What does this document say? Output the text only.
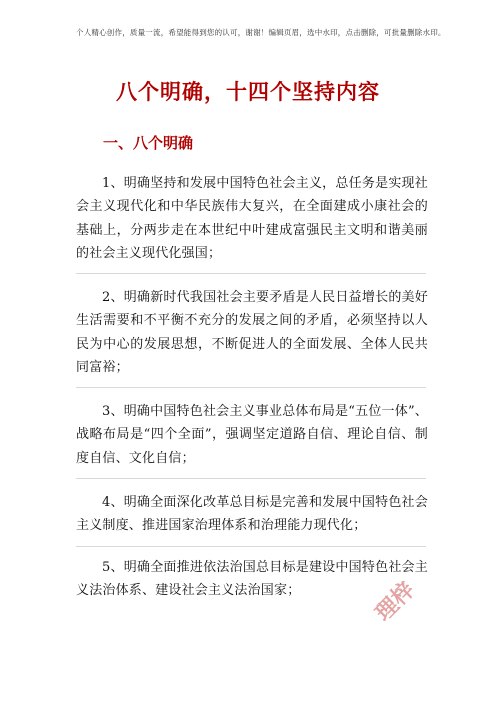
个人精心创作，质量一流，希望能得到您的认可，谢谢！编辑页眉，选中水印，点击删除，可批量删除水印。
八个明确，十四个坚持内容
一、八个明确
1、明确坚持和发展中国特色社会主义，总任务是实现社会主义现代化和中华民族伟大复兴，在全面建成小康社会的基础上，分两步走在本世纪中叶建成富强民主文明和谐美丽的社会主义现代化强国；
2、明确新时代我国社会主要矛盾是人民日益增长的美好生活需要和不平衡不充分的发展之间的矛盾，必须坚持以人民为中心的发展思想，不断促进人的全面发展、全体人民共同富裕；
3、明确中国特色社会主义事业总体布局是“五位一体”、战略布局是“四个全面”，强调坚定道路自信、理论自信、制度自信、文化自信；
4、明确全面深化改革总目标是完善和发展中国特色社会主义制度、推进国家治理体系和治理能力现代化；
5、明确全面推进依法治国总目标是建设中国特色社会主义法治体系、建设社会主义法治国家；	理梓
